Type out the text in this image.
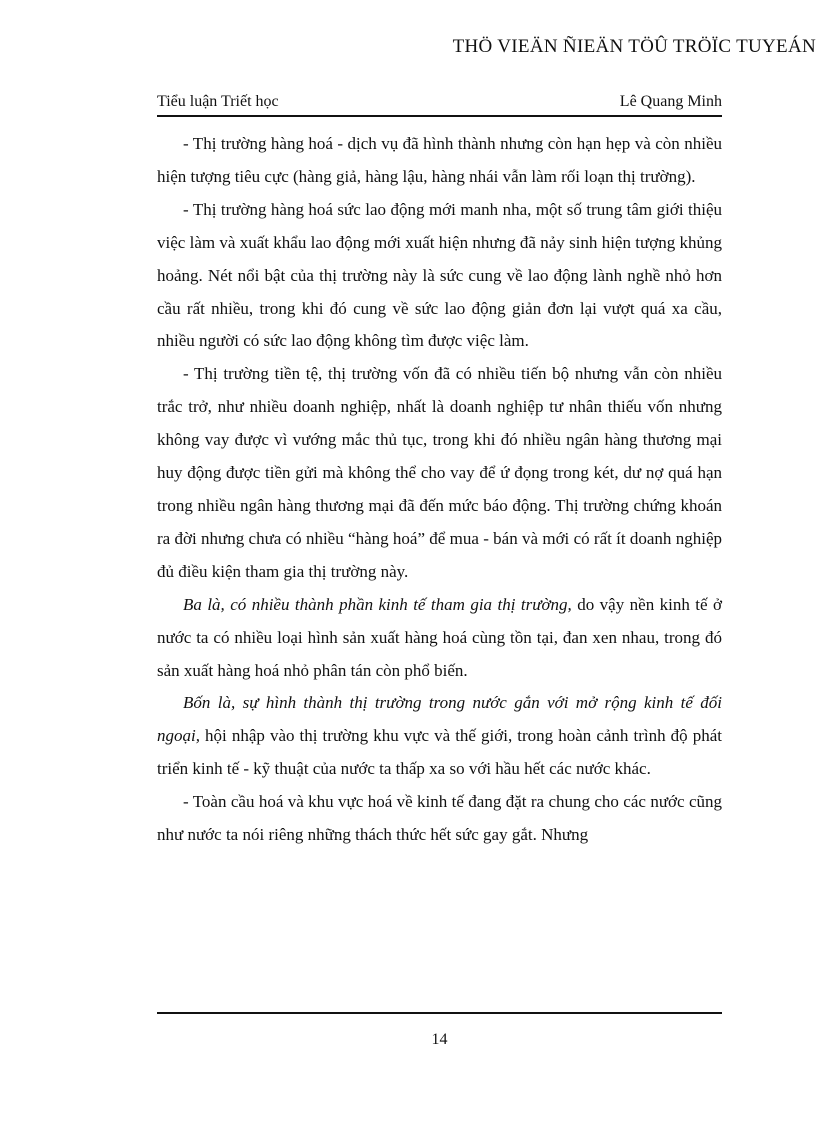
THÖ VIEÄN ÑIEÄN TÖÛ TRÖÏC TUYEÁN
Tiểu luận Triết học	Lê Quang Minh

- Thị trường hàng hoá - dịch vụ đã hình thành nhưng còn hạn hẹp và còn nhiều hiện tượng tiêu cực (hàng giả, hàng lậu, hàng nhái vẫn làm rối loạn thị trường).

- Thị trường hàng hoá sức lao động mới manh nha, một số trung tâm giới thiệu việc làm và xuất khẩu lao động mới xuất hiện nhưng đã nảy sinh hiện tượng khủng hoảng. Nét nổi bật của thị trường này là sức cung về lao động lành nghề nhỏ hơn cầu rất nhiều, trong khi đó cung về sức lao động giản đơn lại vượt quá xa cầu, nhiều người có sức lao động không tìm được việc làm.

- Thị trường tiền tệ, thị trường vốn đã có nhiều tiến bộ nhưng vẫn còn nhiều trắc trở, như nhiều doanh nghiệp, nhất là doanh nghiệp tư nhân thiếu vốn nhưng không vay được vì vướng mắc thủ tục, trong khi đó nhiều ngân hàng thương mại huy động được tiền gửi mà không thể cho vay để ứ đọng trong két, dư nợ quá hạn trong nhiều ngân hàng thương mại đã đến mức báo động. Thị trường chứng khoán ra đời nhưng chưa có nhiều “hàng hoá” để mua - bán và mới có rất ít doanh nghiệp đủ điều kiện tham gia thị trường này.

Ba là, có nhiều thành phần kinh tế tham gia thị trường, do vậy nền kinh tế ở nước ta có nhiều loại hình sản xuất hàng hoá cùng tồn tại, đan xen nhau, trong đó sản xuất hàng hoá nhỏ phân tán còn phổ biến.

Bốn là, sự hình thành thị trường trong nước gắn với mở rộng kinh tế đối ngoại, hội nhập vào thị trường khu vực và thế giới, trong hoàn cảnh trình độ phát triển kinh tế - kỹ thuật của nước ta thấp xa so với hầu hết các nước khác.

- Toàn cầu hoá và khu vực hoá về kinh tế đang đặt ra chung cho các nước cũng như nước ta nói riêng những thách thức hết sức gay gắt. Nhưng

14
